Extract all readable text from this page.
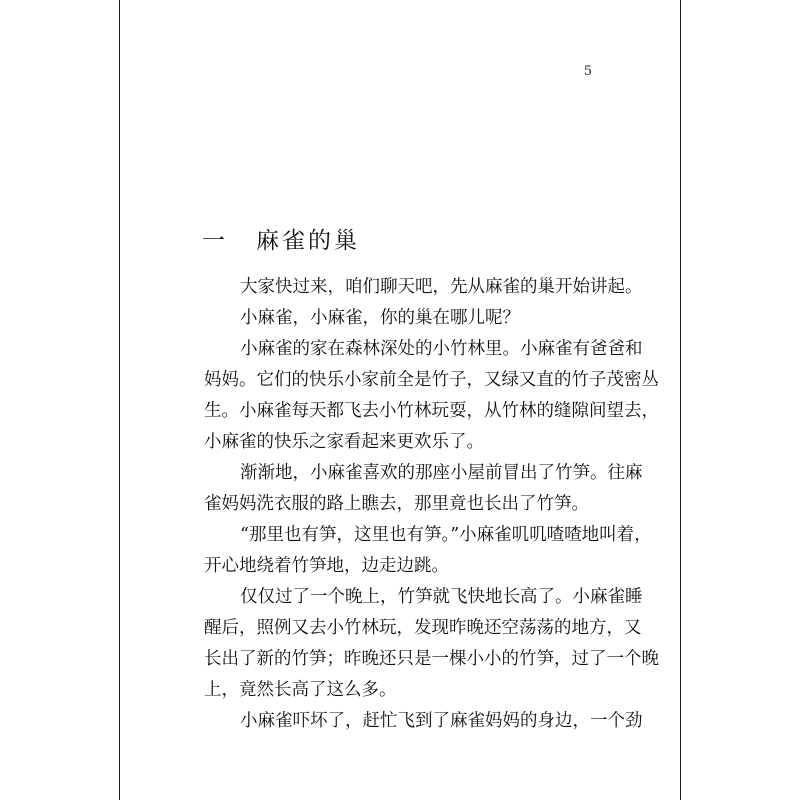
5
一 麻雀的巢
大家快过来，咱们聊天吧，先从麻雀的巢开始讲起。
小麻雀，小麻雀，你的巢在哪儿呢？
小麻雀的家在森林深处的小竹林里。小麻雀有爸爸和
妈妈。它们的快乐小家前全是竹子，又绿又直的竹子茂密丛
生。小麻雀每天都飞去小竹林玩耍，从竹林的缝隙间望去，
小麻雀的快乐之家看起来更欢乐了。
渐渐地，小麻雀喜欢的那座小屋前冒出了竹笋。往麻
雀妈妈洗衣服的路上瞧去，那里竟也长出了竹笋。
“那里也有笋，这里也有笋。”小麻雀叽叽喳喳地叫着，
开心地绕着竹笋地，边走边跳。
仅仅过了一个晚上，竹笋就飞快地长高了。小麻雀睡
醒后，照例又去小竹林玩，发现昨晚还空荡荡的地方，又
长出了新的竹笋；昨晚还只是一棵小小的竹笋，过了一个晚
上，竟然长高了这么多。
小麻雀吓坏了，赶忙飞到了麻雀妈妈的身边，一个劲
